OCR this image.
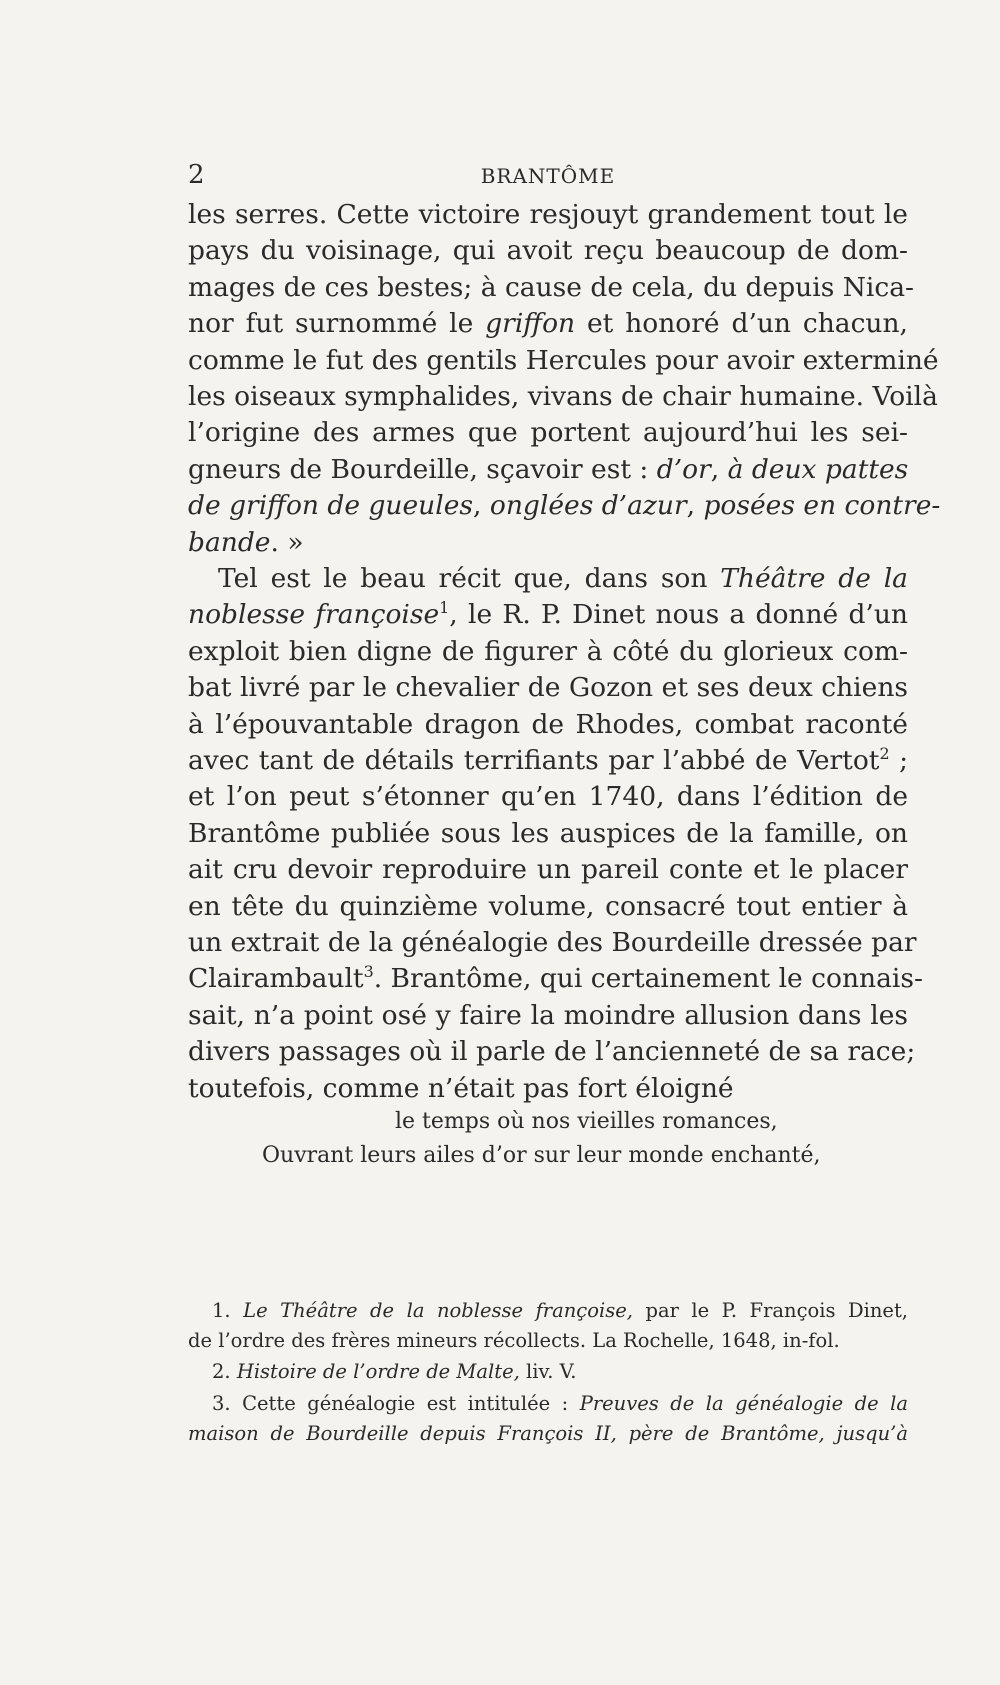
2	BRANTÔME
les serres. Cette victoire resjouyt grandement tout le
pays du voisinage, qui avoit reçu beaucoup de dom-
mages de ces bestes; à cause de cela, du depuis Nica-
nor fut surnommé le griffon et honoré d’un chacun,
comme le fut des gentils Hercules pour avoir exterminé
les oiseaux symphalides, vivans de chair humaine. Voilà
l’origine des armes que portent aujourd’hui les sei-
gneurs de Bourdeille, sçavoir est : d’or, à deux pattes
de griffon de gueules, onglées d’azur, posées en contre-
bande. »
Tel est le beau récit que, dans son Théâtre de la
noblesse françoise$^1$, le R. P. Dinet nous a donné d’un
exploit bien digne de figurer à côté du glorieux com-
bat livré par le chevalier de Gozon et ses deux chiens
à l’épouvantable dragon de Rhodes, combat raconté
avec tant de détails terrifiants par l’abbé de Vertot$^2$ ;
et l’on peut s’étonner qu’en 1740, dans l’édition de
Brantôme publiée sous les auspices de la famille, on
ait cru devoir reproduire un pareil conte et le placer
en tête du quinzième volume, consacré tout entier à
un extrait de la généalogie des Bourdeille dressée par
Clairambault$^3$. Brantôme, qui certainement le connais-
sait, n’a point osé y faire la moindre allusion dans les
divers passages où il parle de l’ancienneté de sa race;
toutefois, comme n’était pas fort éloigné
le temps où nos vieilles romances,
Ouvrant leurs ailes d’or sur leur monde enchanté,
1. Le Théâtre de la noblesse françoise, par le P. François Dinet,
de l’ordre des frères mineurs récollects. La Rochelle, 1648, in-fol.
2. Histoire de l’ordre de Malte, liv. V.
3. Cette généalogie est intitulée : Preuves de la généalogie de la
maison de Bourdeille depuis François II, père de Brantôme, jusqu’à
